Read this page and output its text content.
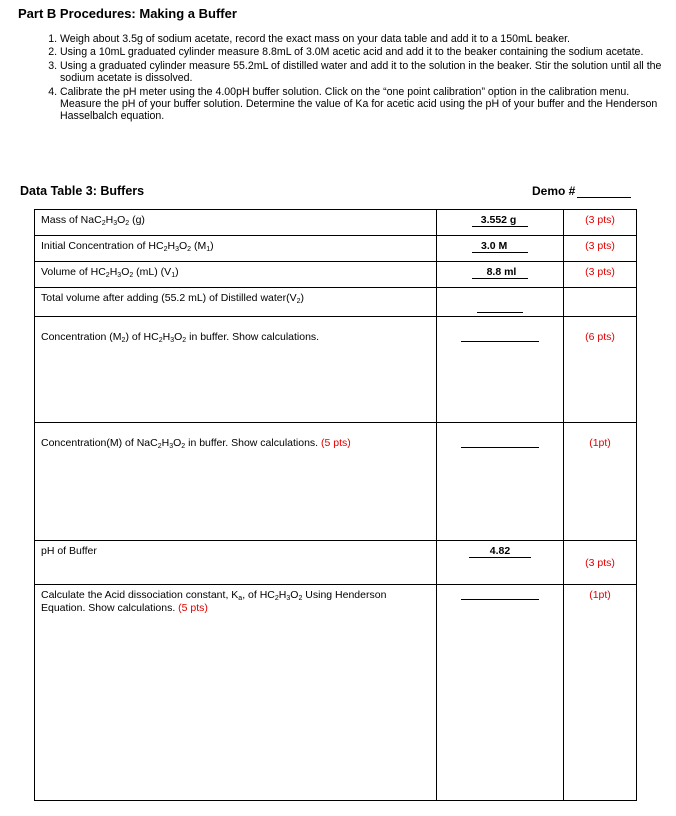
Part B Procedures: Making a Buffer
1. Weigh about 3.5g of sodium acetate, record the exact mass on your data table and add it to a 150mL beaker.
2. Using a 10mL graduated cylinder measure 8.8mL of 3.0M acetic acid and add it to the beaker containing the sodium acetate.
3. Using a graduated cylinder measure 55.2mL of distilled water and add it to the solution in the beaker. Stir the solution until all the sodium acetate is dissolved.
4. Calibrate the pH meter using the 4.00pH buffer solution. Click on the “one point calibration” option in the calibration menu. Measure the pH of your buffer solution. Determine the value of Ka for acetic acid using the pH of your buffer and the Henderson Hasselbalch equation.
Data Table 3: Buffers	Demo #
Mass of $NaC_2H_3O_2$ (g)	3.552 g	(3 pts)
Initial Concentration of $HC_2H_3O_2$ $(M_1)$	3.0 M	(3 pts)
Volume of $HC_2H_3O_2$ (mL) $(V_1)$	8.8 ml	(3 pts)
Total volume after adding (55.2 mL) of Distilled $water(V_2)$		
Concentration $(M_2)$ of $HC_2H_3O_2$ in buffer. Show calculations.		(6 pts)
Concentration(M) of $NaC_2H_3O_2$ in buffer. Show calculations. (5 pts)		(1pt)
pH of Buffer	4.82	(3 pts)
Calculate the Acid dissociation constant, $K_a$, of $HC_2H_3O_2$ Using Henderson
Equation. Show calculations. (5 pts)		(1pt)
